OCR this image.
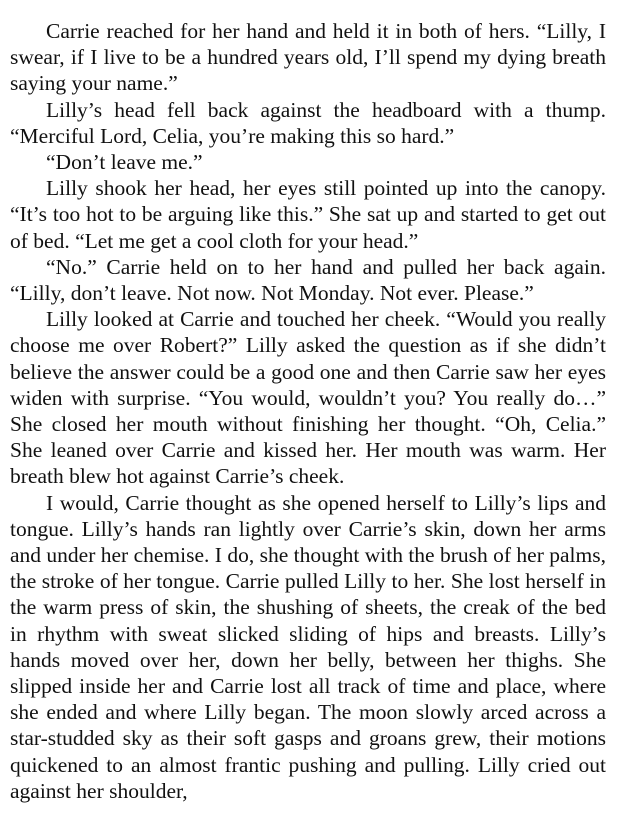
Carrie reached for her hand and held it in both of hers. “Lilly, I swear, if I live to be a hundred years old, I’ll spend my dying breath saying your name.”

Lilly’s head fell back against the headboard with a thump. “Merciful Lord, Celia, you’re making this so hard.”

“Don’t leave me.”

Lilly shook her head, her eyes still pointed up into the canopy. “It’s too hot to be arguing like this.” She sat up and started to get out of bed. “Let me get a cool cloth for your head.”

“No.” Carrie held on to her hand and pulled her back again. “Lilly, don’t leave. Not now. Not Monday. Not ever. Please.”

Lilly looked at Carrie and touched her cheek. “Would you really choose me over Robert?” Lilly asked the question as if she didn’t believe the answer could be a good one and then Carrie saw her eyes widen with surprise. “You would, wouldn’t you? You really do…” She closed her mouth without finishing her thought. “Oh, Celia.” She leaned over Carrie and kissed her. Her mouth was warm. Her breath blew hot against Carrie’s cheek.

I would, Carrie thought as she opened herself to Lilly’s lips and tongue. Lilly’s hands ran lightly over Carrie’s skin, down her arms and under her chemise. I do, she thought with the brush of her palms, the stroke of her tongue. Carrie pulled Lilly to her. She lost herself in the warm press of skin, the shushing of sheets, the creak of the bed in rhythm with sweat slicked sliding of hips and breasts. Lilly’s hands moved over her, down her belly, between her thighs. She slipped inside her and Carrie lost all track of time and place, where she ended and where Lilly began. The moon slowly arced across a star-studded sky as their soft gasps and groans grew, their motions quickened to an almost frantic pushing and pulling. Lilly cried out against her shoulder,
